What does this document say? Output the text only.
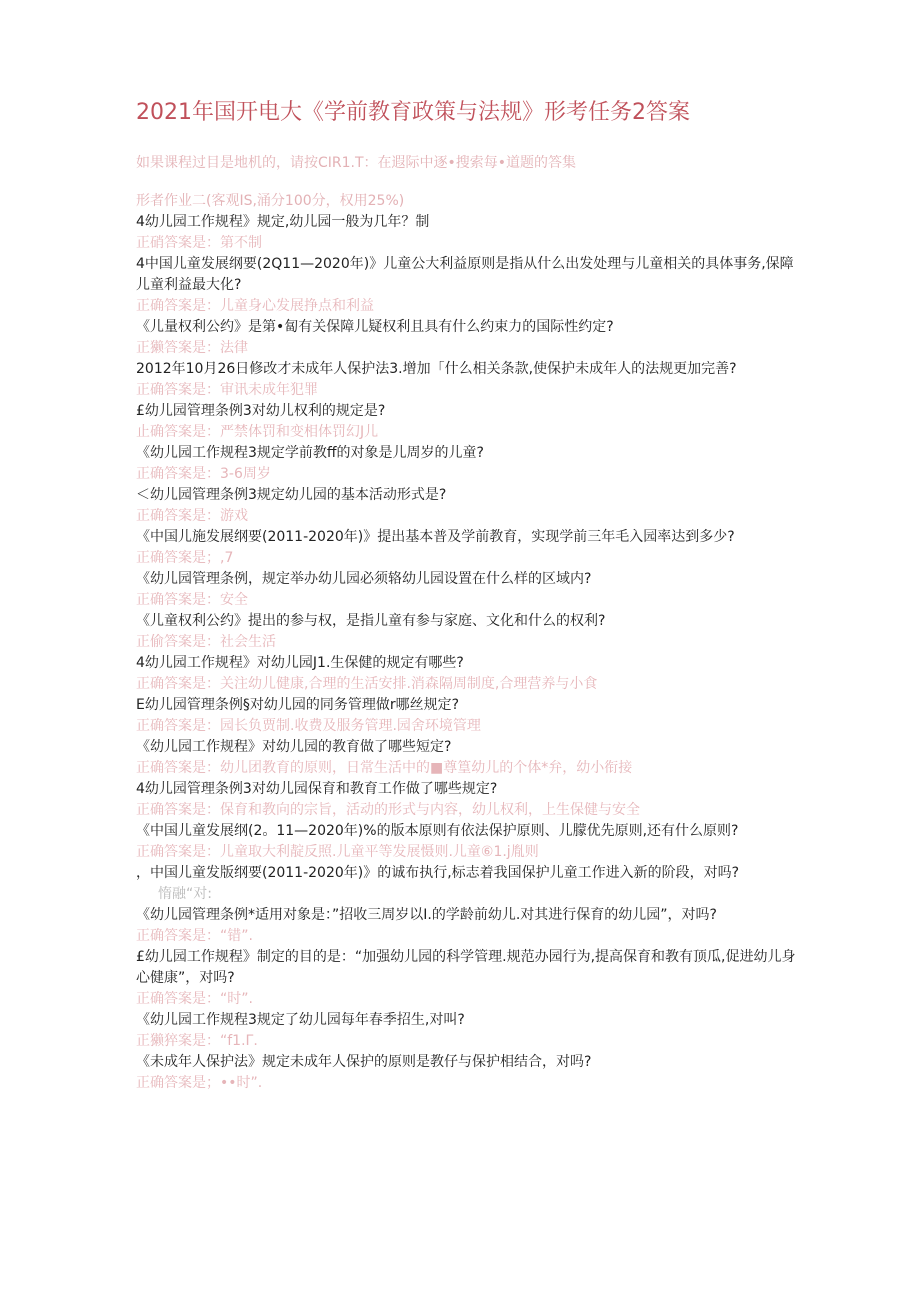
2021年国开电大《学前教育政策与法规》形考任务2答案
如果课程过目是地机的，请按CIR1.T：在遐际中逐•搜索每•道题的答集
形者作业二(客观IS,涌分100分，权用25%)

4幼儿园工作规程》规定,幼儿园一般为几年？制

正硝答案是：第不制

4中国儿童发展纲要(2Q11—2020年)》儿童公大利益原则是指从什么出发处理与儿童相关的具体事务,保障儿童利益最大化?

正确答案是：儿童身心发展挣点和利益

《儿量权利公约》是第•匐有关保障儿疑权利且具有什么约束力的国际性约定?

正獭答案是：法律

2012年10月26日修改才未成年人保护法3.增加「什么相关条款,使保护未成年人的法规更加完善?

正确答案是：审讯未成年犯罪

£幼儿园管理条例3对幼儿权利的规定是?

止确答案是：严禁体罚和变相体罚幻J儿

《幼儿园工作规程3规定学前教ff的对象是儿周岁的儿童?

正确答案是：3-6周岁

＜幼儿园管理条例3规定幼儿园的基本活动形式是?

正确答案是：游戏

《中国儿施发展纲要(2011-2020年)》提出基本普及学前教育，实现学前三年毛入园率达到多少?

正确答案是；,7

《幼儿园管理条例，规定举办幼儿园必须辂幼儿园设置在什么样的区域内?

正确答案是：安全

《儿童权利公约》提出的参与权，是指儿童有参与家庭、文化和什么的权利?

正偷答案是：社会生活

4幼儿园工作规程》对幼儿园J1.生保健的规定有哪些?

正确答案是：关注幼儿健康,合理的生活安排.消森隔周制度,合理营养与小食

E幼儿园管理条例§对幼儿园的同务管理做r哪丝规定?

正确答案是：园长负贾制.收费及服务管理.园舍环境管理

《幼儿园工作规程》对幼儿园的教育做了哪些短定?

正确答案是：幼儿团教育的原则，日常生活中的■尊篁幼儿的个体*弁，幼小衔接

4幼儿园管理条例3对幼儿园保育和教育工作做了哪些规定?

正确答案是：保育和教向的宗旨，活动的形式与内容，幼儿权利，上生保健与安全

《中国儿童发展纲(2。11—2020年)%的版本原则有依法保护原则、儿朦优先原则,还有什么原则?

正确答案是：儿童取大利靛反照.儿童平等发展慑则.儿童⑥1.j胤则

，中国儿童发版纲要(2011-2020年)》的诚布执行,标志着我国保护儿童工作进入新的阶段，对吗?

惰融“对:

《幼儿园管理条例*适用对象是：”招收三周岁以I.的学龄前幼儿.对其进行保育的幼儿园”，对吗?

正确答案是：“错”.

£幼儿园工作规程》制定的目的是：“加强幼儿园的科学管理.规范办园行为,提高保育和教有顶瓜,促进幼儿身心健康”，对吗?

正确答案是：“时”.

《幼儿园工作规程3规定了幼儿园每年春季招生,对叫?

正獭猝案是：“f1.Γ.

《未成年人保护法》规定未成年人保护的原则是教仔与保护相结合，对吗?

正确答案是；••时”.
